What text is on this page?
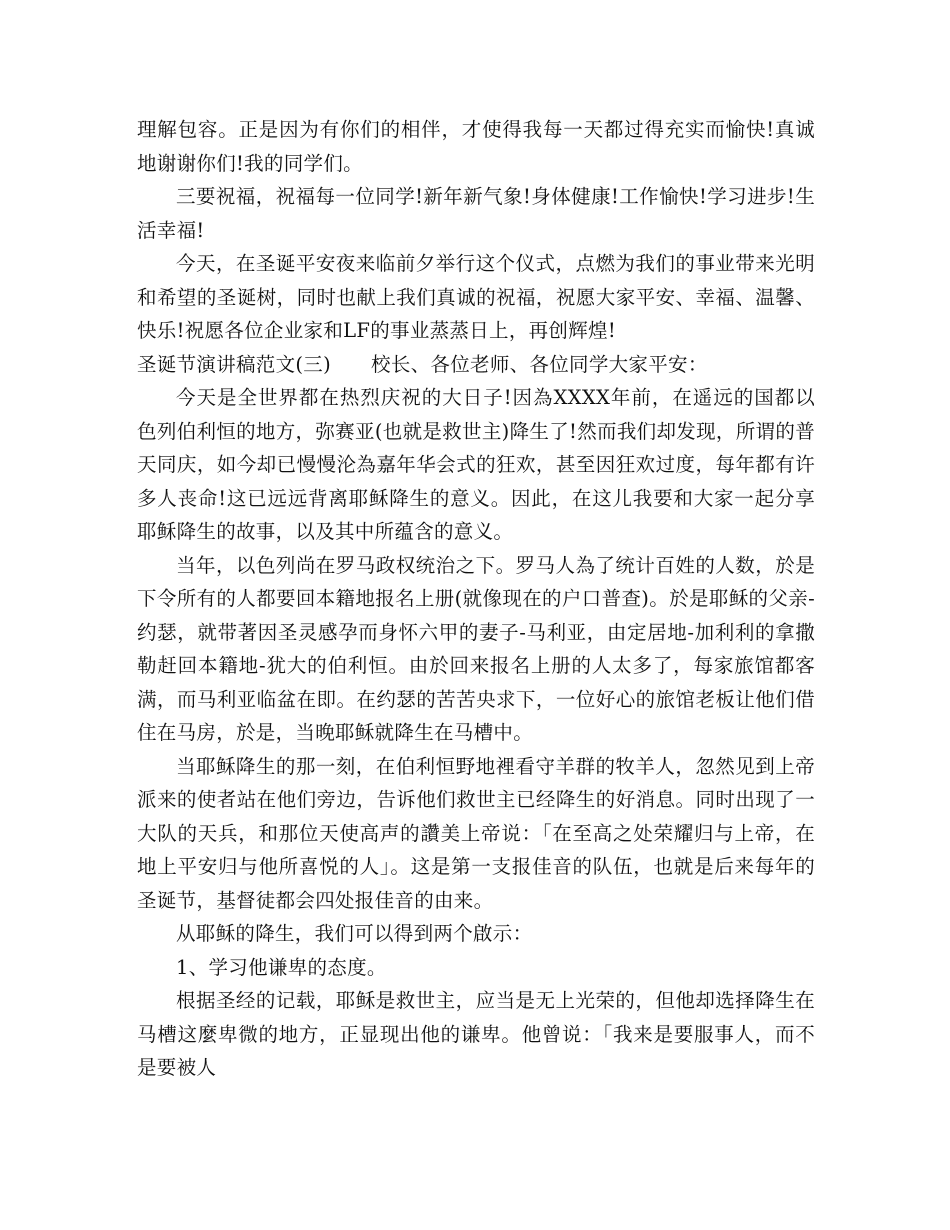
理解包容。正是因为有你们的相伴，才使得我每一天都过得充实而愉快!真诚地谢谢你们!我的同学们。

三要祝福，祝福每一位同学!新年新气象!身体健康!工作愉快!学习进步!生活幸福!

今天，在圣诞平安夜来临前夕举行这个仪式，点燃为我们的事业带来光明和希望的圣诞树，同时也献上我们真诚的祝福，祝愿大家平安、幸福、温馨、快乐!祝愿各位企业家和LF的事业蒸蒸日上，再创辉煌!

圣诞节演讲稿范文(三) 校长、各位老师、各位同学大家平安：

今天是全世界都在热烈庆祝的大日子!因為XXXX年前，在遥远的国都以色列伯利恒的地方，弥赛亚(也就是救世主)降生了!然而我们却发现，所谓的普天同庆，如今却已慢慢沦為嘉年华会式的狂欢，甚至因狂欢过度，每年都有许多人丧命!这已远远背离耶稣降生的意义。因此，在这儿我要和大家一起分享耶稣降生的故事，以及其中所蕴含的意义。

当年，以色列尚在罗马政权统治之下。罗马人為了统计百姓的人数，於是下令所有的人都要回本籍地报名上册(就像现在的户口普查)。於是耶稣的父亲-约瑟，就带著因圣灵感孕而身怀六甲的妻子-马利亚，由定居地-加利利的拿撒勒赶回本籍地-犹大的伯利恒。由於回来报名上册的人太多了，每家旅馆都客满，而马利亚临盆在即。在约瑟的苦苦央求下，一位好心的旅馆老板让他们借住在马房，於是，当晚耶稣就降生在马槽中。

当耶稣降生的那一刻，在伯利恒野地裡看守羊群的牧羊人，忽然见到上帝派来的使者站在他们旁边，告诉他们救世主已经降生的好消息。同时出现了一大队的天兵，和那位天使高声的讚美上帝说：「在至高之处荣耀归与上帝，在地上平安归与他所喜悦的人」。这是第一支报佳音的队伍，也就是后来每年的圣诞节，基督徒都会四处报佳音的由来。

从耶稣的降生，我们可以得到两个啟示：

1、学习他谦卑的态度。

根据圣经的记载，耶稣是救世主，应当是无上光荣的，但他却选择降生在马槽这麼卑微的地方，正显现出他的谦卑。他曾说：「我来是要服事人，而不是要被人
